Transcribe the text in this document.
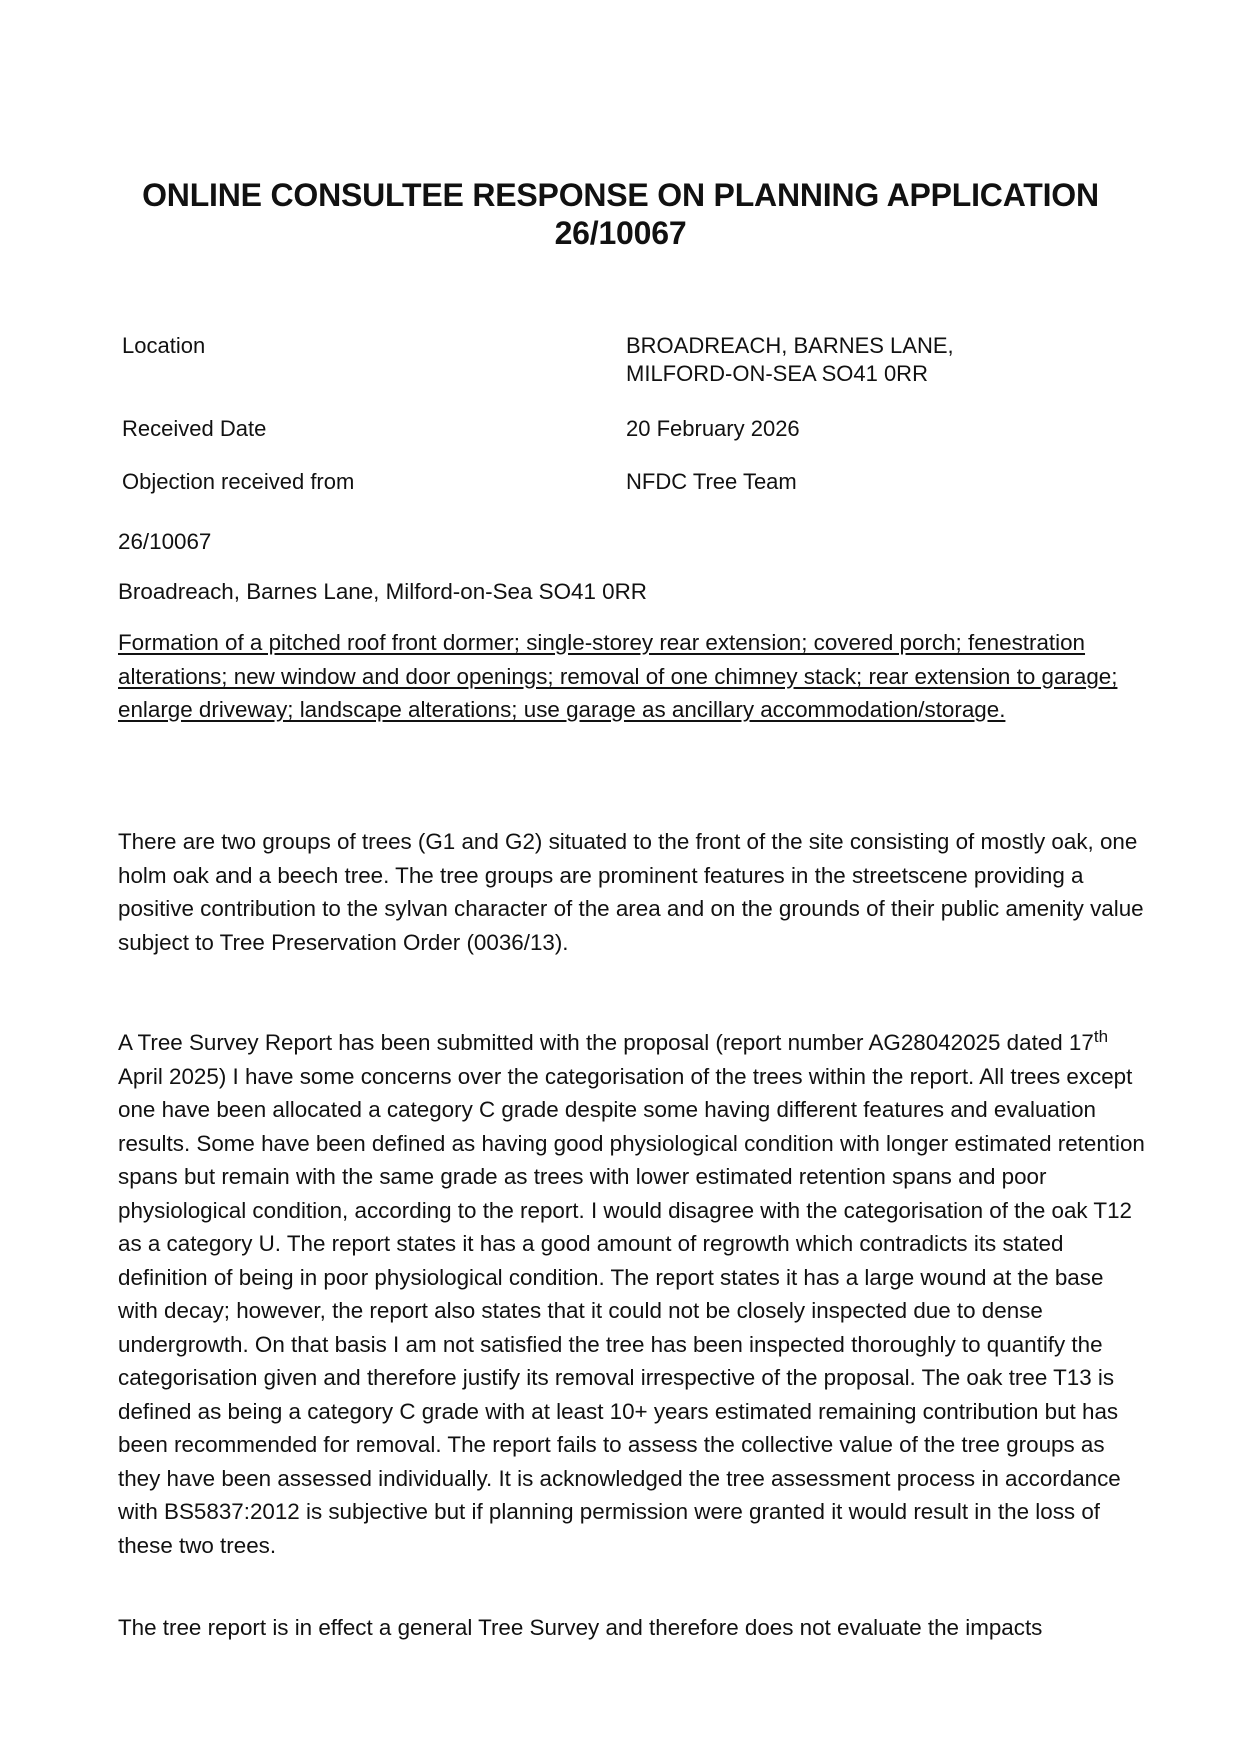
ONLINE CONSULTEE RESPONSE ON PLANNING APPLICATION
26/10067

Location	BROADREACH, BARNES LANE,
MILFORD-ON-SEA SO41 0RR

Received Date	20 February 2026

Objection received from	NFDC Tree Team

26/10067

Broadreach, Barnes Lane, Milford-on-Sea SO41 0RR

Formation of a pitched roof front dormer; single-storey rear extension; covered porch; fenestration alterations; new window and door openings; removal of one chimney stack; rear extension to garage; enlarge driveway; landscape alterations; use garage as ancillary accommodation/storage.

There are two groups of trees (G1 and G2) situated to the front of the site consisting of mostly oak, one holm oak and a beech tree. The tree groups are prominent features in the streetscene providing a positive contribution to the sylvan character of the area and on the grounds of their public amenity value subject to Tree Preservation Order (0036/13).

A Tree Survey Report has been submitted with the proposal (report number AG28042025 dated 17th April 2025) I have some concerns over the categorisation of the trees within the report. All trees except one have been allocated a category C grade despite some having different features and evaluation results. Some have been defined as having good physiological condition with longer estimated retention spans but remain with the same grade as trees with lower estimated retention spans and poor physiological condition, according to the report. I would disagree with the categorisation of the oak T12 as a category U. The report states it has a good amount of regrowth which contradicts its stated definition of being in poor physiological condition. The report states it has a large wound at the base with decay; however, the report also states that it could not be closely inspected due to dense undergrowth. On that basis I am not satisfied the tree has been inspected thoroughly to quantify the categorisation given and therefore justify its removal irrespective of the proposal. The oak tree T13 is defined as being a category C grade with at least 10+ years estimated remaining contribution but has been recommended for removal. The report fails to assess the collective value of the tree groups as they have been assessed individually. It is acknowledged the tree assessment process in accordance with BS5837:2012 is subjective but if planning permission were granted it would result in the loss of these two trees.

The tree report is in effect a general Tree Survey and therefore does not evaluate the impacts
